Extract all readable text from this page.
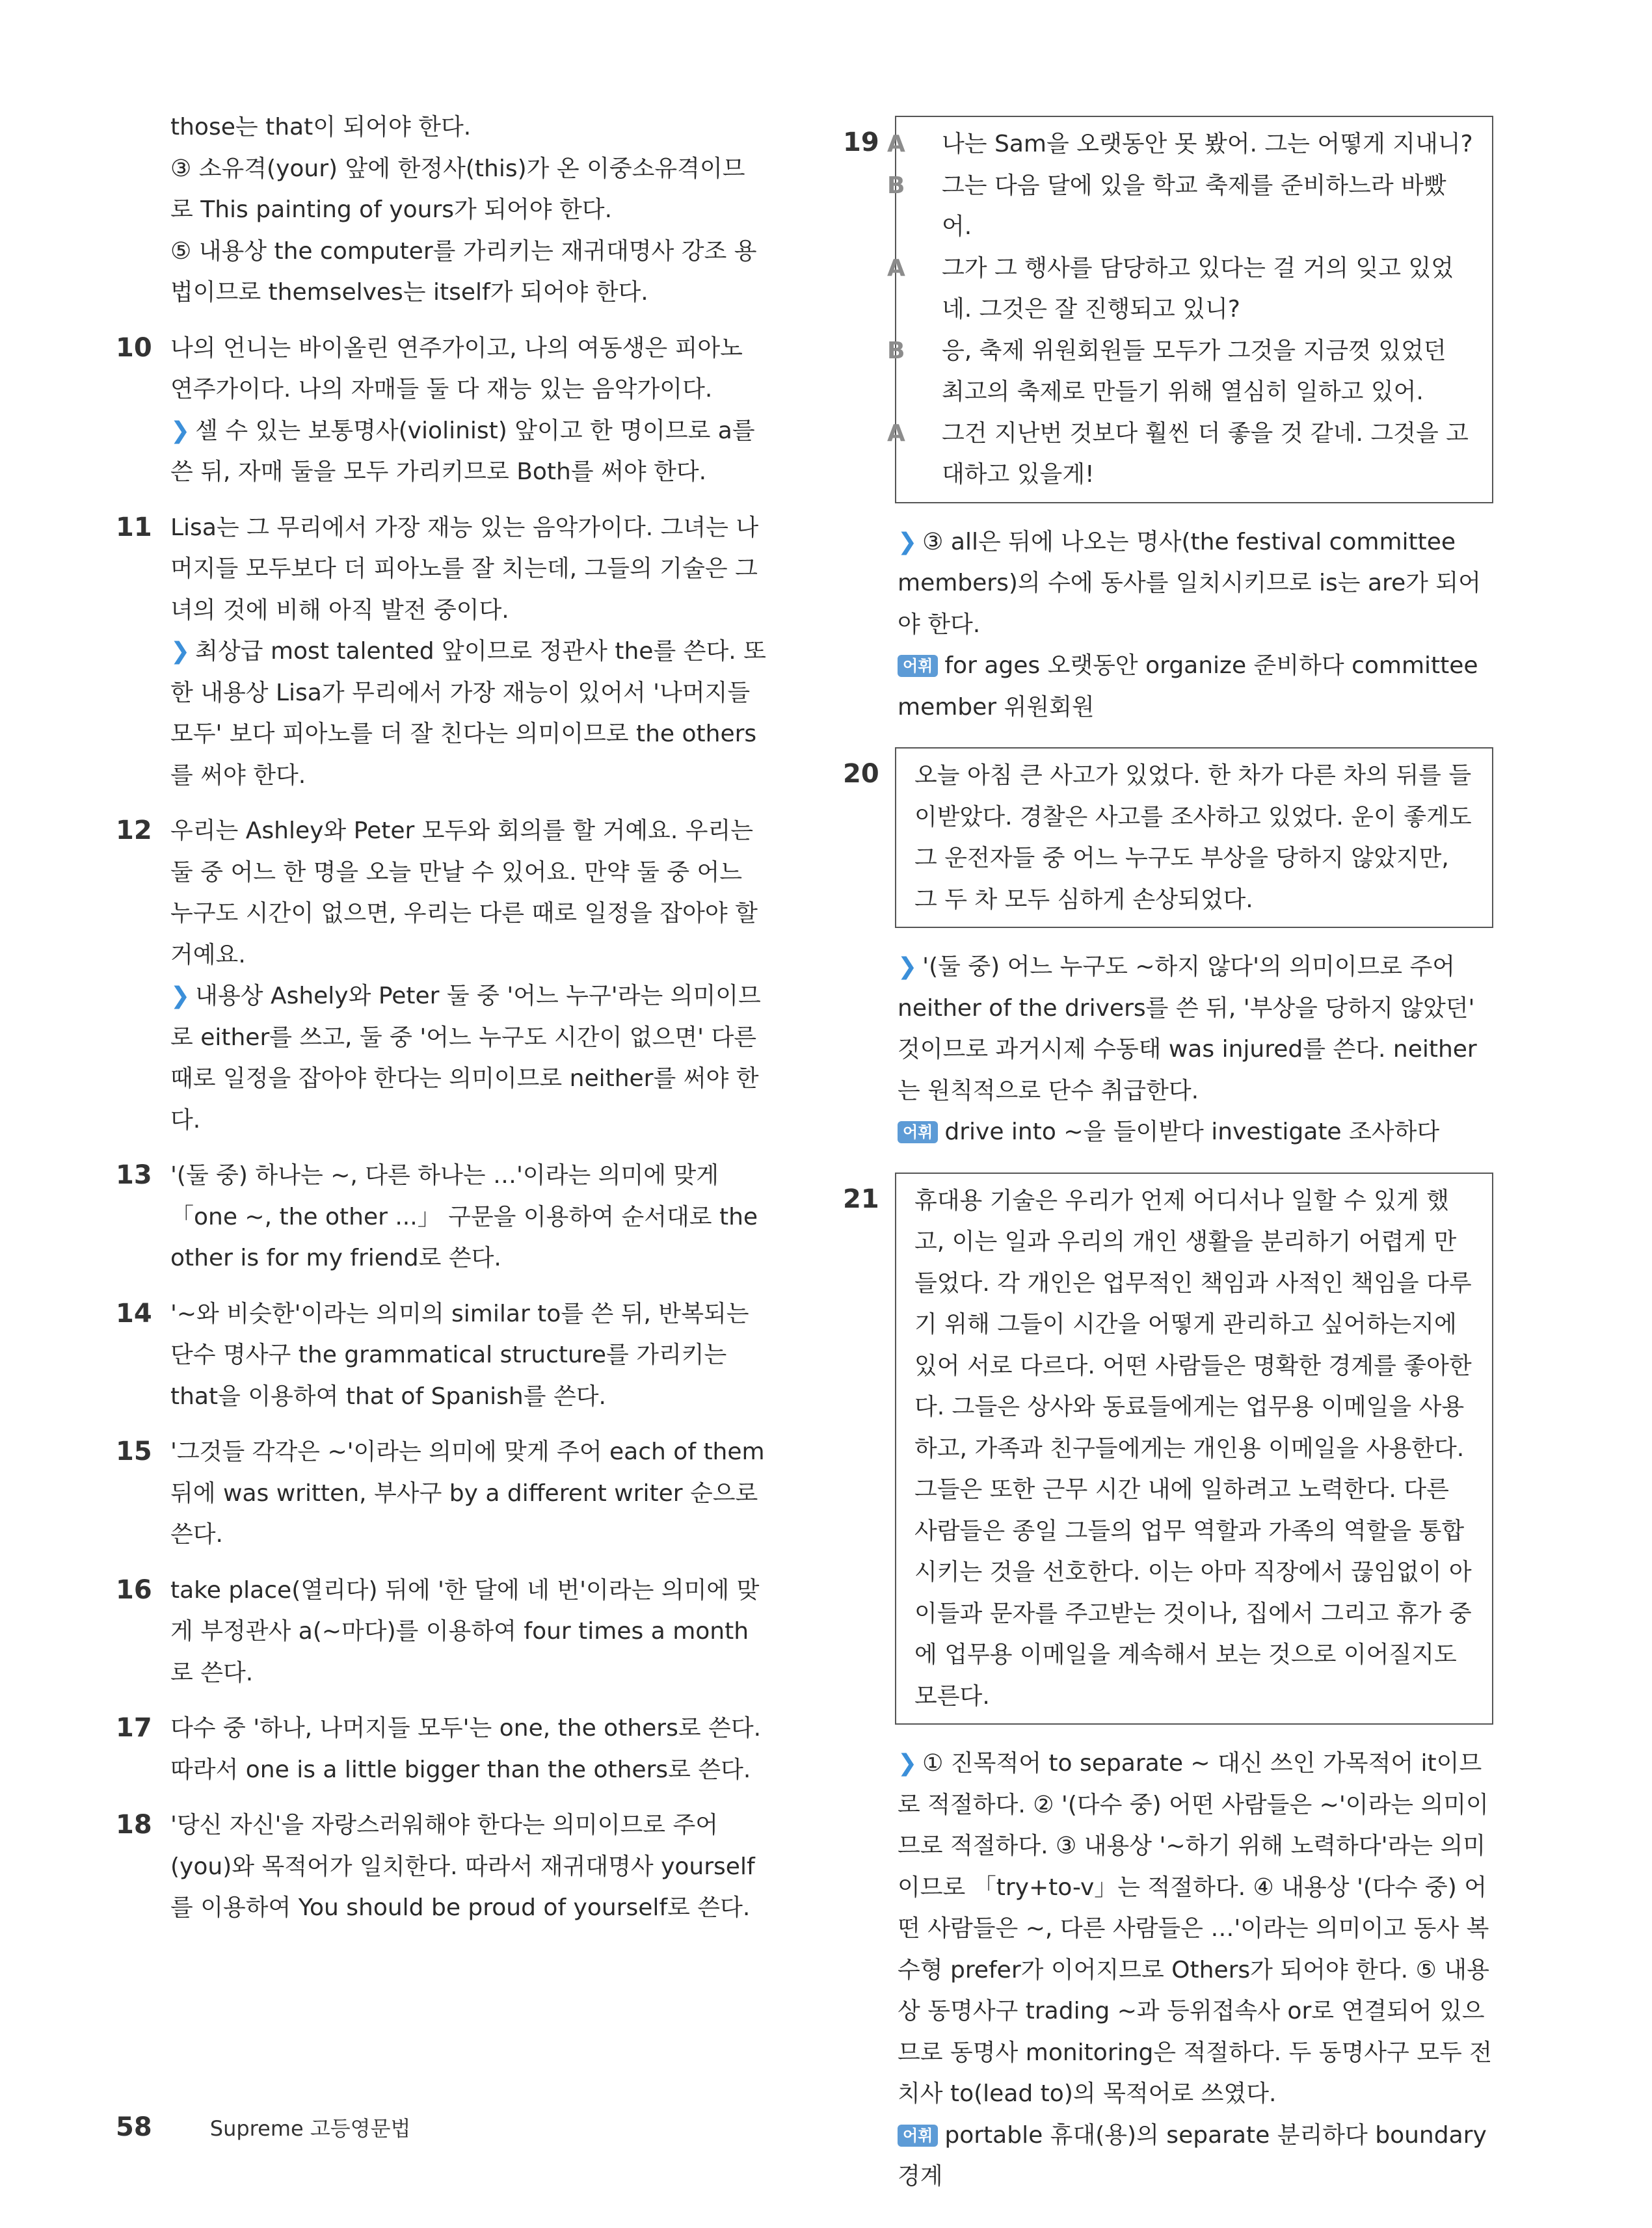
those는 that이 되어야 한다.

③ 소유격(your) 앞에 한정사(this)가 온 이중소유격이므로 This painting of yours가 되어야 한다.

⑤ 내용상 the computer를 가리키는 재귀대명사 강조 용법이므로 themselves는 itself가 되어야 한다.

10 나의 언니는 바이올린 연주가이고, 나의 여동생은 피아노 연주가이다. 나의 자매들 둘 다 재능 있는 음악가이다.

❯ 셀 수 있는 보통명사(violinist) 앞이고 한 명이므로 a를 쓴 뒤, 자매 둘을 모두 가리키므로 Both를 써야 한다.

11 Lisa는 그 무리에서 가장 재능 있는 음악가이다. 그녀는 나머지들 모두보다 더 피아노를 잘 치는데, 그들의 기술은 그녀의 것에 비해 아직 발전 중이다.

❯ 최상급 most talented 앞이므로 정관사 the를 쓴다. 또한 내용상 Lisa가 무리에서 가장 재능이 있어서 '나머지들 모두' 보다 피아노를 더 잘 친다는 의미이므로 the others를 써야 한다.

12 우리는 Ashley와 Peter 모두와 회의를 할 거예요. 우리는 둘 중 어느 한 명을 오늘 만날 수 있어요. 만약 둘 중 어느 누구도 시간이 없으면, 우리는 다른 때로 일정을 잡아야 할 거예요.

❯ 내용상 Ashely와 Peter 둘 중 '어느 누구'라는 의미이므로 either를 쓰고, 둘 중 '어느 누구도 시간이 없으면' 다른 때로 일정을 잡아야 한다는 의미이므로 neither를 써야 한다.

13 '(둘 중) 하나는 ~, 다른 하나는 …'이라는 의미에 맞게 「one ~, the other ...」 구문을 이용하여 순서대로 the other is for my friend로 쓴다.

14 '~와 비슷한'이라는 의미의 similar to를 쓴 뒤, 반복되는 단수 명사구 the grammatical structure를 가리키는 that을 이용하여 that of Spanish를 쓴다.

15 '그것들 각각은 ~'이라는 의미에 맞게 주어 each of them 뒤에 was written, 부사구 by a different writer 순으로 쓴다.

16 take place(열리다) 뒤에 '한 달에 네 번'이라는 의미에 맞게 부정관사 a(~마다)를 이용하여 four times a month로 쓴다.

17 다수 중 '하나, 나머지들 모두'는 one, the others로 쓴다. 따라서 one is a little bigger than the others로 쓴다.

18 '당신 자신'을 자랑스러워해야 한다는 의미이므로 주어(you)와 목적어가 일치한다. 따라서 재귀대명사 yourself를 이용하여 You should be proud of yourself로 쓴다.

19 A 나는 Sam을 오랫동안 못 봤어. 그는 어떻게 지내니?

B 그는 다음 달에 있을 학교 축제를 준비하느라 바빴어.

A 그가 그 행사를 담당하고 있다는 걸 거의 잊고 있었네. 그것은 잘 진행되고 있니?

B 응, 축제 위원회원들 모두가 그것을 지금껏 있었던 최고의 축제로 만들기 위해 열심히 일하고 있어.

A 그건 지난번 것보다 훨씬 더 좋을 것 같네. 그것을 고대하고 있을게!

❯ ③ all은 뒤에 나오는 명사(the festival committee members)의 수에 동사를 일치시키므로 is는 are가 되어야 한다.

어휘 for ages 오랫동안 organize 준비하다 committee member 위원회원

20 오늘 아침 큰 사고가 있었다. 한 차가 다른 차의 뒤를 들이받았다. 경찰은 사고를 조사하고 있었다. 운이 좋게도 그 운전자들 중 어느 누구도 부상을 당하지 않았지만, 그 두 차 모두 심하게 손상되었다.

❯ '(둘 중) 어느 누구도 ~하지 않다'의 의미이므로 주어 neither of the drivers를 쓴 뒤, '부상을 당하지 않았던' 것이므로 과거시제 수동태 was injured를 쓴다. neither는 원칙적으로 단수 취급한다.

어휘 drive into ~을 들이받다 investigate 조사하다

21 휴대용 기술은 우리가 언제 어디서나 일할 수 있게 했고, 이는 일과 우리의 개인 생활을 분리하기 어렵게 만들었다. 각 개인은 업무적인 책임과 사적인 책임을 다루기 위해 그들이 시간을 어떻게 관리하고 싶어하는지에 있어 서로 다르다. 어떤 사람들은 명확한 경계를 좋아한다. 그들은 상사와 동료들에게는 업무용 이메일을 사용하고, 가족과 친구들에게는 개인용 이메일을 사용한다. 그들은 또한 근무 시간 내에 일하려고 노력한다. 다른 사람들은 종일 그들의 업무 역할과 가족의 역할을 통합시키는 것을 선호한다. 이는 아마 직장에서 끊임없이 아이들과 문자를 주고받는 것이나, 집에서 그리고 휴가 중에 업무용 이메일을 계속해서 보는 것으로 이어질지도 모른다.

❯ ① 진목적어 to separate ~ 대신 쓰인 가목적어 it이므로 적절하다. ② '(다수 중) 어떤 사람들은 ~'이라는 의미이므로 적절하다. ③ 내용상 '~하기 위해 노력하다'라는 의미이므로 「try+to-v」는 적절하다. ④ 내용상 '(다수 중) 어떤 사람들은 ~, 다른 사람들은 …'이라는 의미이고 동사 복수형 prefer가 이어지므로 Others가 되어야 한다. ⑤ 내용상 동명사구 trading ~과 등위접속사 or로 연결되어 있으므로 동명사 monitoring은 적절하다. 두 동명사구 모두 전치사 to(lead to)의 목적어로 쓰였다.

어휘 portable 휴대(용)의 separate 분리하다 boundary 경계

58	Supreme 고등영문법
